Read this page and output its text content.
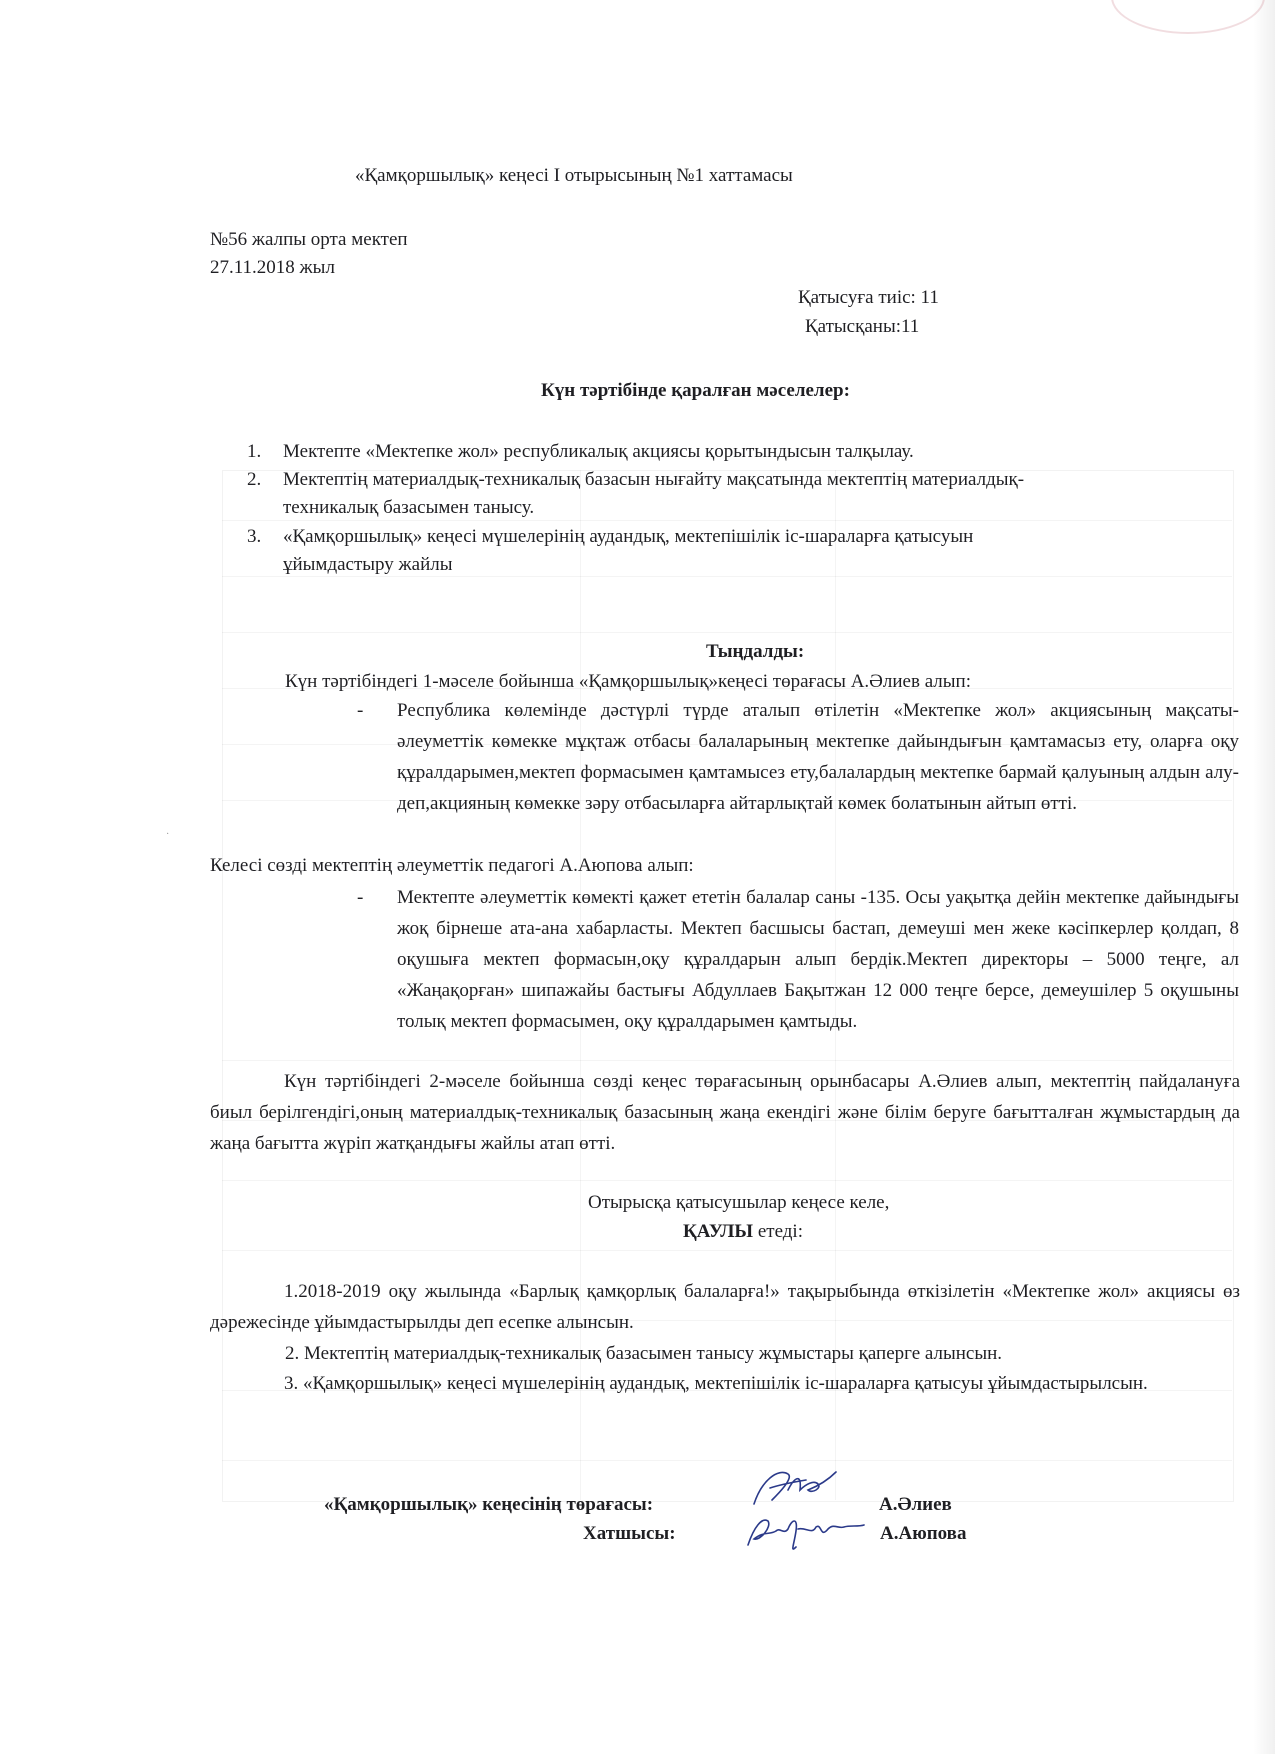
«Қамқоршылық» кеңесі І отырысының №1 хаттамасы
№56 жалпы орта мектеп
27.11.2018 жыл
Қатысуға тиіс: 11
Қатысқаны:11
Күн тәртібінде қаралған мәселелер:
1. Мектепте «Мектепке жол» республикалық акциясы қорытындысын талқылау.
2. Мектептің материалдық-техникалық базасын нығайту мақсатында мектептің материалдық-
техникалық базасымен танысу.
3. «Қамқоршылық» кеңесі мүшелерінің аудандық, мектепішілік іс-шараларға қатысуын
ұйымдастыру жайлы
Тыңдалды:
Күн тәртібіндегі 1-мәселе бойынша «Қамқоршылық»кеңесі төрағасы А.Әлиев алып:
- Республика көлемінде дәстүрлі түрде аталып өтілетін «Мектепке жол» акциясының мақсаты- әлеуметтік көмекке мұқтаж отбасы балаларының мектепке дайындығын қамтамасыз ету, оларға оқу құралдарымен,мектеп формасымен қамтамысез ету,балалардың мектепке бармай қалуының алдын алу-деп,акцияның көмекке зәру отбасыларға айтарлықтай көмек болатынын айтып өтті.
Келесі сөзді мектептің әлеуметтік педагогі А.Аюпова алып:
- Мектепте әлеуметтік көмекті қажет ететін балалар саны -135. Осы уақытқа дейін мектепке дайындығы жоқ бірнеше ата-ана хабарласты. Мектеп басшысы бастап, демеуші мен жеке кәсіпкерлер қолдап, 8 оқушыға мектеп формасын,оқу құралдарын алып бердік.Мектеп директоры – 5000 теңге, ал «Жаңақорған» шипажайы бастығы Абдуллаев Бақытжан 12 000 теңге берсе, демеушілер 5 оқушыны толық мектеп формасымен, оқу құралдарымен қамтыды.
Күн тәртібіндегі 2-мәселе бойынша сөзді кеңес төрағасының орынбасары А.Әлиев алып, мектептің пайдалануға биыл берілгендігі,оның материалдық-техникалық базасының жаңа екендігі және білім беруге бағытталған жұмыстардың да жаңа бағытта жүріп жатқандығы жайлы атап өтті.
Отырысқа қатысушылар кеңесе келе,
ҚАУЛЫ етеді:
1.2018-2019 оқу жылында «Барлық қамқорлық балаларға!» тақырыбында өткізілетін «Мектепке жол» акциясы өз дәрежесінде ұйымдастырылды деп есепке алынсын.
2. Мектептің материалдық-техникалық базасымен танысу жұмыстары қаперге алынсын.
3. «Қамқоршылық» кеңесі мүшелерінің аудандық, мектепішілік іс-шараларға қатысуы ұйымдастырылсын.
«Қамқоршылық» кеңесінің төрағасы:	А.Әлиев
Хатшысы:	А.Аюпова
·
